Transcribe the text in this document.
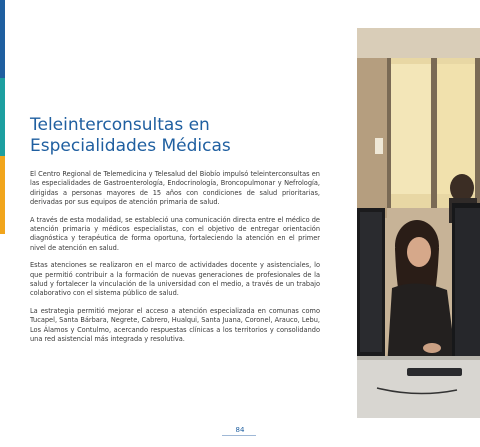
Teleinterconsultas en
Especialidades Médicas

El Centro Regional de Telemedicina y Telesalud del Biobío impulsó teleinterconsultas en las especialidades de Gastroenterología, Endocrinología, Broncopulmonar y Nefrología, dirigidas a personas mayores de 15 años con condiciones de salud prioritarias, derivadas por sus equipos de atención primaria de salud.

A través de esta modalidad, se estableció una comunicación directa entre el médico de atención primaria y médicos especialistas, con el objetivo de entregar orientación diagnóstica y terapéutica de forma oportuna, fortaleciendo la atención en el primer nivel de atención en salud.

Estas atenciones se realizaron en el marco de actividades docente y asistenciales, lo que permitió contribuir a la formación de nuevas generaciones de profesionales de la salud y fortalecer la vinculación de la universidad con el medio, a través de un trabajo colaborativo con el sistema público de salud.

La estrategia permitió mejorar el acceso a atención especializada en comunas como Tucapel, Santa Bárbara, Negrete, Cabrero, Hualqui, Santa Juana, Coronel, Arauco, Lebu, Los Álamos y Contulmo, acercando respuestas clínicas a los territorios y consolidando una red asistencial más integrada y resolutiva.

84
